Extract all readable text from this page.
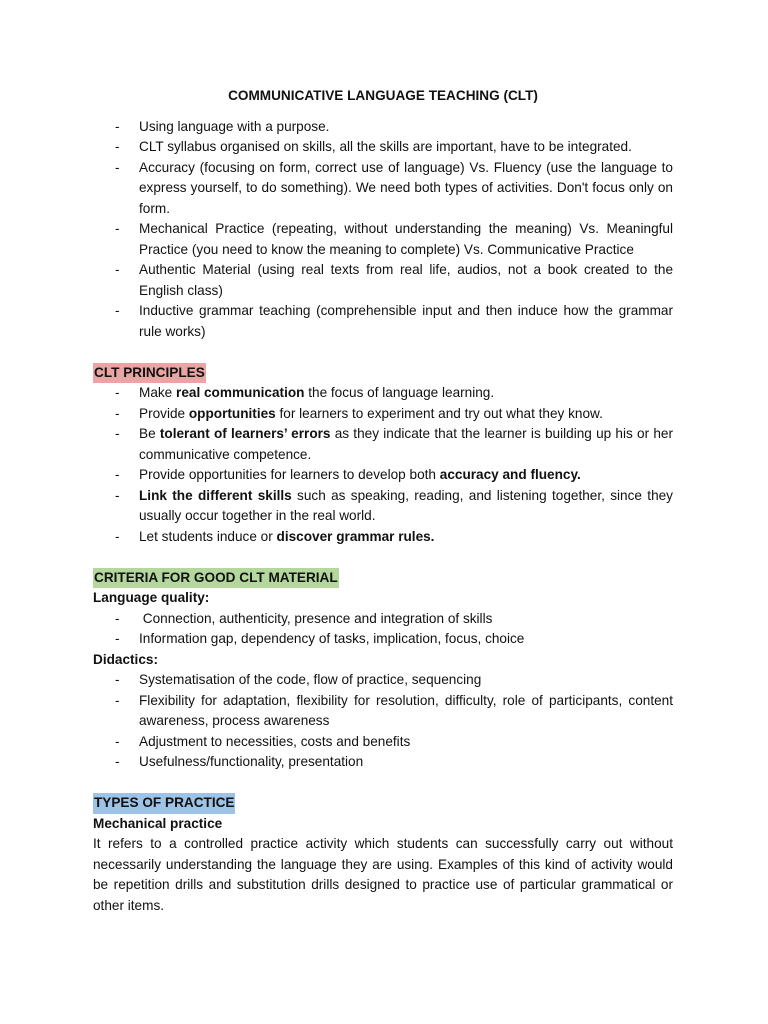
COMMUNICATIVE LANGUAGE TEACHING (CLT)
- Using language with a purpose.
- CLT syllabus organised on skills, all the skills are important, have to be integrated.
- Accuracy (focusing on form, correct use of language) Vs. Fluency (use the language to express yourself, to do something). We need both types of activities. Don't focus only on form.
- Mechanical Practice (repeating, without understanding the meaning) Vs. Meaningful Practice (you need to know the meaning to complete) Vs. Communicative Practice
- Authentic Material (using real texts from real life, audios, not a book created to the English class)
- Inductive grammar teaching (comprehensible input and then induce how the grammar rule works)
CLT PRINCIPLES
- Make real communication the focus of language learning.
- Provide opportunities for learners to experiment and try out what they know.
- Be tolerant of learners’ errors as they indicate that the learner is building up his or her communicative competence.
- Provide opportunities for learners to develop both accuracy and fluency.
- Link the different skills such as speaking, reading, and listening together, since they usually occur together in the real world.
- Let students induce or discover grammar rules.
CRITERIA FOR GOOD CLT MATERIAL
Language quality:
-  Connection, authenticity, presence and integration of skills
- Information gap, dependency of tasks, implication, focus, choice
Didactics:
- Systematisation of the code, flow of practice, sequencing
- Flexibility for adaptation, flexibility for resolution, difficulty, role of participants, content awareness, process awareness
- Adjustment to necessities, costs and benefits
- Usefulness/functionality, presentation
TYPES OF PRACTICE
Mechanical practice
It refers to a controlled practice activity which students can successfully carry out without necessarily understanding the language they are using. Examples of this kind of activity would be repetition drills and substitution drills designed to practice use of particular grammatical or other items.
